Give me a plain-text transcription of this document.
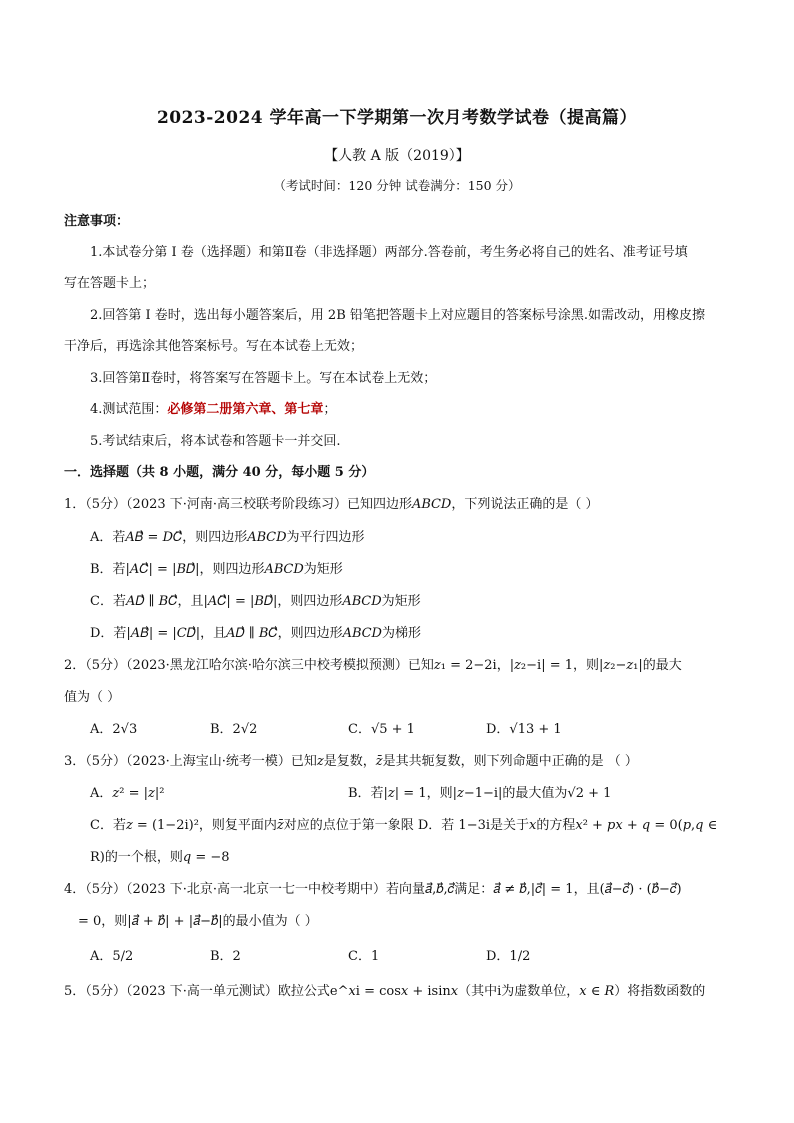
2023-2024 学年高一下学期第一次月考数学试卷（提高篇）
【人教 A 版（2019）】
（考试时间：120 分钟 试卷满分：150 分）
注意事项：
1.本试卷分第 I 卷（选择题）和第Ⅱ卷（非选择题）两部分.答卷前，考生务必将自己的姓名、准考证号填
写在答题卡上；
2.回答第 I 卷时，选出每小题答案后，用 2B 铅笔把答题卡上对应题目的答案标号涂黑.如需改动，用橡皮擦
干净后，再选涂其他答案标号。写在本试卷上无效；
3.回答第Ⅱ卷时，将答案写在答题卡上。写在本试卷上无效；
4.测试范围：必修第二册第六章、第七章；
5.考试结束后，将本试卷和答题卡一并交回.
一．选择题（共 8 小题，满分 40 分，每小题 5 分）
1．（5分）（2023 下·河南·高三校联考阶段练习）已知四边形𝐴𝐵𝐶𝐷，下列说法正确的是（ ）
A．若𝐴𝐵⃗ = 𝐷𝐶⃗，则四边形𝐴𝐵𝐶𝐷为平行四边形
B．若|𝐴𝐶⃗| = |𝐵𝐷⃗|，则四边形𝐴𝐵𝐶𝐷为矩形
C．若𝐴𝐷⃗ ∥ 𝐵𝐶⃗，且|𝐴𝐶⃗| = |𝐵𝐷⃗|，则四边形𝐴𝐵𝐶𝐷为矩形
D．若|𝐴𝐵⃗| = |𝐶𝐷⃗|，且𝐴𝐷⃗ ∥ 𝐵𝐶⃗，则四边形𝐴𝐵𝐶𝐷为梯形
2．（5分）（2023·黑龙江哈尔滨·哈尔滨三中校考模拟预测）已知𝑧₁ = 2−2i，|𝑧₂−i| = 1，则|𝑧₂−𝑧₁|的最大
值为（ ）
A．2√3	B．2√2	C．√5 + 1	D．√13 + 1
3．（5分）（2023·上海宝山·统考一模）已知𝑧是复数，𝑧̄是其共轭复数，则下列命题中正确的是 （ ）
A．𝑧² = |𝑧|²	B．若|𝑧| = 1，则|𝑧−1−i|的最大值为√2 + 1
C．若𝑧 = (1−2i)²，则复平面内𝑧̄对应的点位于第一象限 D．若 1−3i是关于𝑥的方程𝑥² + 𝑝𝑥 + 𝑞 = 0(𝑝,𝑞 ∈
R)的一个根，则𝑞 = −8
4．（5分）（2023 下·北京·高一北京一七一中校考期中）若向量𝑎⃗,𝑏⃗,𝑐⃗满足：𝑎⃗ ≠ 𝑏⃗,|𝑐⃗| = 1，且(𝑎⃗−𝑐⃗) · (𝑏⃗−𝑐⃗)
= 0，则|𝑎⃗ + 𝑏⃗| + |𝑎⃗−𝑏⃗|的最小值为（ ）
A．5/2	B．2	C．1	D．1/2
5．（5分）（2023 下·高一单元测试）欧拉公式e^𝑥i = cos𝑥 + isin𝑥（其中i为虚数单位，𝑥 ∈ 𝑅）将指数函数的
